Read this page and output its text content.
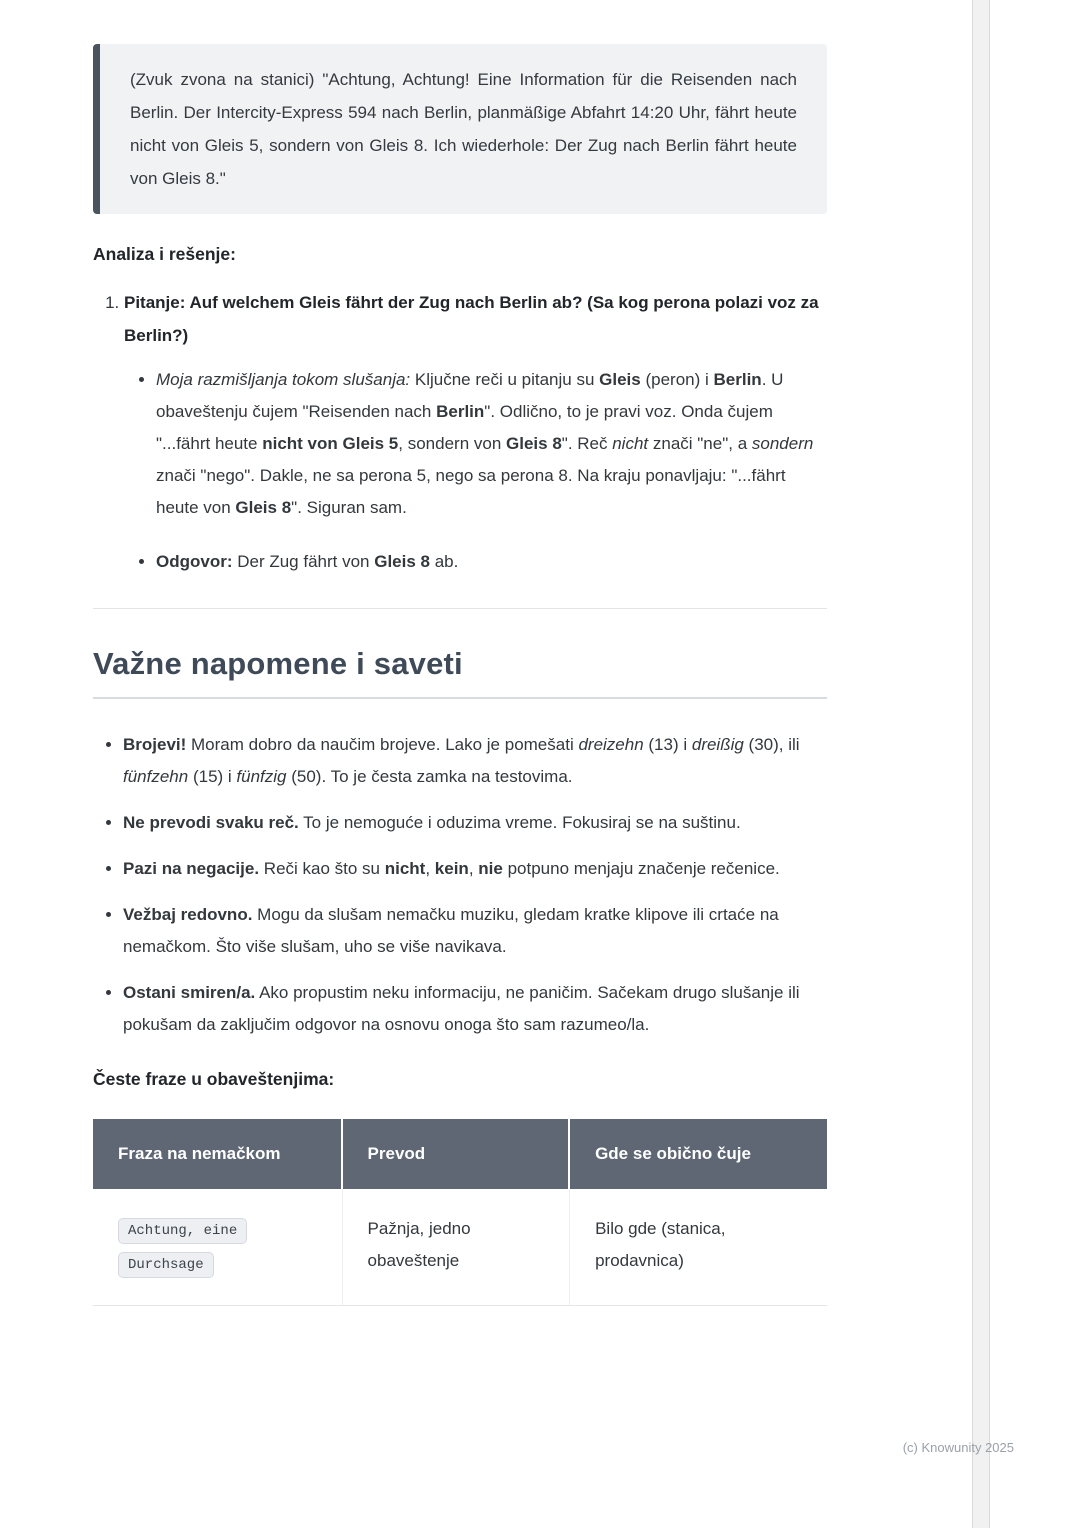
(Zvuk zvona na stanici) "Achtung, Achtung! Eine Information für die Reisenden nach Berlin. Der Intercity-Express 594 nach Berlin, planmäßige Abfahrt 14:20 Uhr, fährt heute nicht von Gleis 5, sondern von Gleis 8. Ich wiederhole: Der Zug nach Berlin fährt heute von Gleis 8."

Analiza i rešenje:

1. Pitanje: Auf welchem Gleis fährt der Zug nach Berlin ab? (Sa kog perona polazi voz za Berlin?)

• Moja razmišljanja tokom slušanja: Ključne reči u pitanju su Gleis (peron) i Berlin. U obaveštenju čujem "Reisenden nach Berlin". Odlično, to je pravi voz. Onda čujem "...fährt heute nicht von Gleis 5, sondern von Gleis 8". Reč nicht znači "ne", a sondern znači "nego". Dakle, ne sa perona 5, nego sa perona 8. Na kraju ponavljaju: "...fährt heute von Gleis 8". Siguran sam.

• Odgovor: Der Zug fährt von Gleis 8 ab.

Važne napomene i saveti

• Brojevi! Moram dobro da naučim brojeve. Lako je pomešati dreizehn (13) i dreißig (30), ili fünfzehn (15) i fünfzig (50). To je česta zamka na testovima.

• Ne prevodi svaku reč. To je nemoguće i oduzima vreme. Fokusiraj se na suštinu.

• Pazi na negacije. Reči kao što su nicht, kein, nie potpuno menjaju značenje rečenice.

• Vežbaj redovno. Mogu da slušam nemačku muziku, gledam kratke klipove ili crtaće na nemačkom. Što više slušam, uho se više navikava.

• Ostani smiren/a. Ako propustim neku informaciju, ne paničim. Sačekam drugo slušanje ili pokušam da zaključim odgovor na osnovu onoga što sam razumeo/la.

Česte fraze u obaveštenjima:

Fraza na nemačkom	Prevod	Gde se obično čuje
Achtung, eine
Durchsage	Pažnja, jedno obaveštenje	Bilo gde (stanica, prodavnica)
(c) Knowunity 2025
